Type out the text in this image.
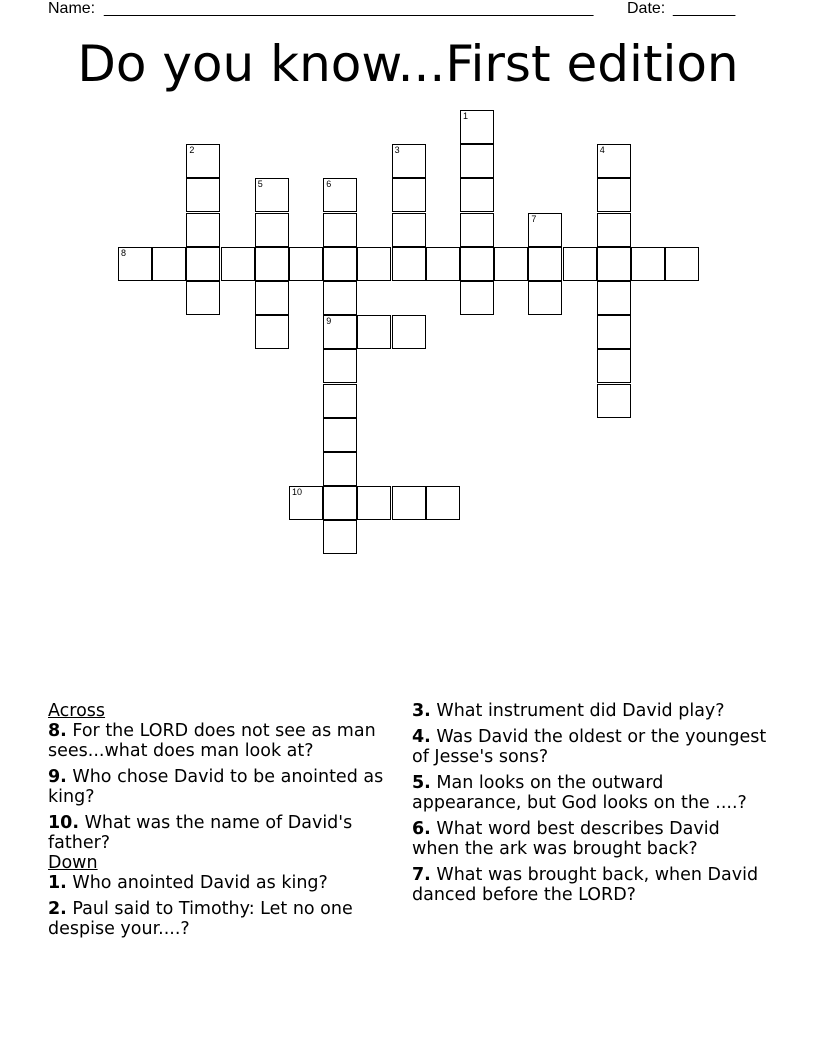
Name: _______________________________________________________ Date: _______
Do you know...First edition
8
1
2	3	4
5	6
9
7
10
Across
8. For the LORD does not see as man sees...what does man look at?
9. Who chose David to be anointed as king?
10. What was the name of David's father?
Down
1. Who anointed David as king?
2. Paul said to Timothy: Let no one despise your....?
3. What instrument did David play?
4. Was David the oldest or the youngest of Jesse's sons?
5. Man looks on the outward appearance, but God looks on the ....?
6. What word best describes David when the ark was brought back?
7. What was brought back, when David danced before the LORD?
